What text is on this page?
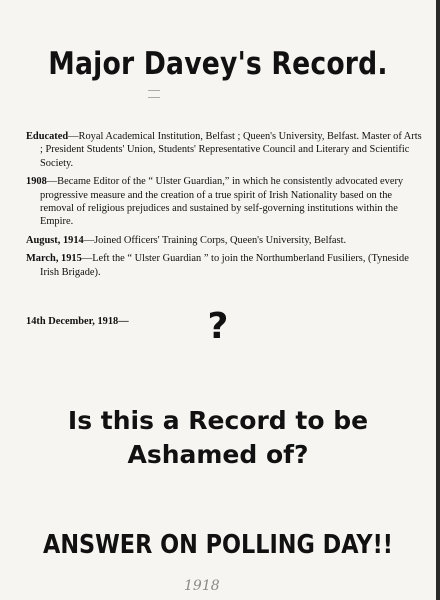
Major Davey's Record.

Educated—Royal Academical Institution, Belfast ; Queen's University, Belfast. Master of Arts ; President Students' Union, Students' Representative Council and Literary and Scientific Society.

1908—Became Editor of the “ Ulster Guardian,” in which he consistently advocated every progressive measure and the creation of a true spirit of Irish Nationality based on the removal of religious prejudices and sustained by self-governing institutions within the Empire.

August, 1914—Joined Officers' Training Corps, Queen's University, Belfast.

March, 1915—Left the “ Ulster Guardian ” to join the Northumberland Fusiliers, (Tyneside Irish Brigade).

14th December, 1918—	?
Is this a Record to be
Ashamed of?
ANSWER ON POLLING DAY!!
1918
